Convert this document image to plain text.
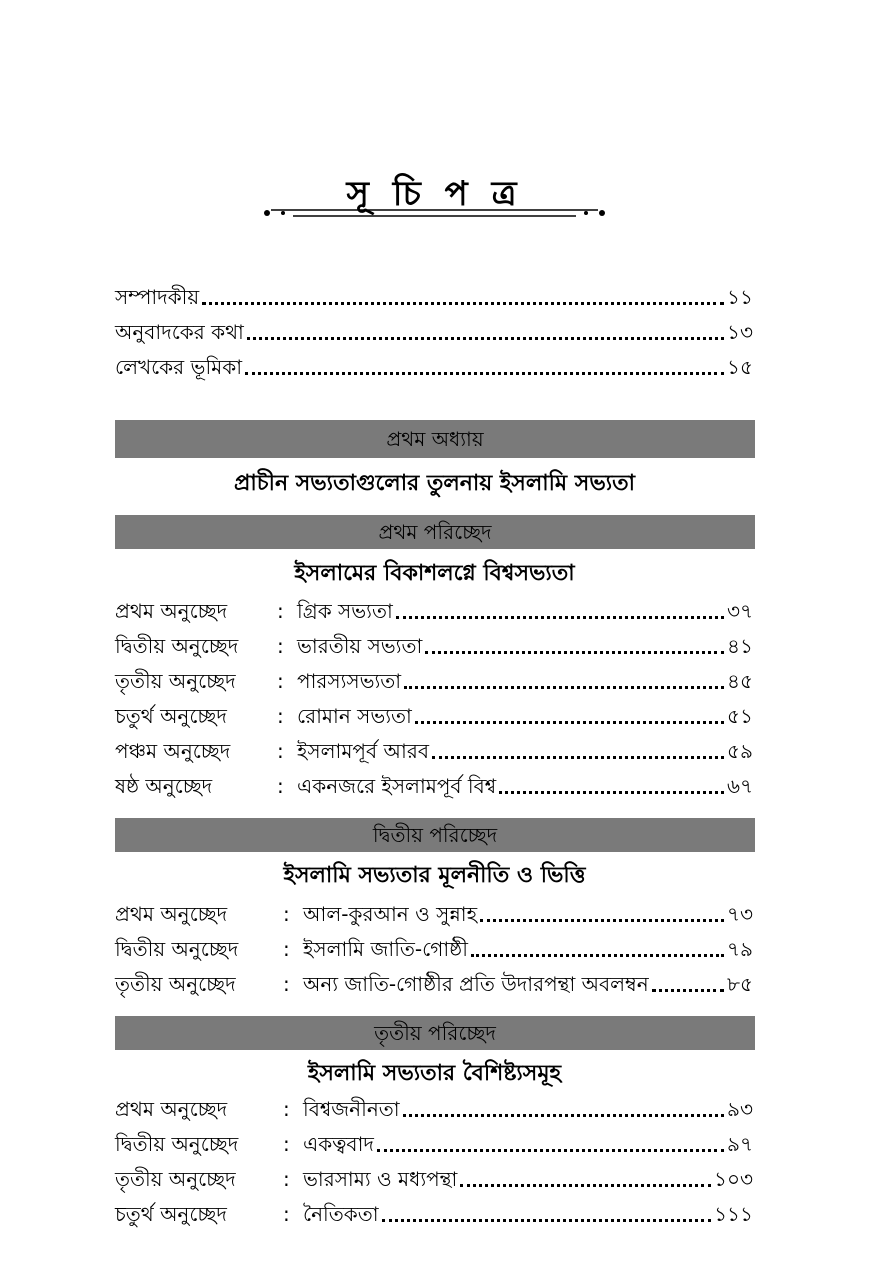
সূ চি প ত্র
সম্পাদকীয়	১১
অনুবাদকের কথা	১৩
লেখকের ভূমিকা	১৫
প্রথম অধ্যায়
প্রাচীন সভ্যতাগুলোর তুলনায় ইসলামি সভ্যতা
প্রথম পরিচ্ছেদ
ইসলামের বিকাশলগ্নে বিশ্বসভ্যতা
প্রথম অনুচ্ছেদ	: গ্রিক সভ্যতা	৩৭
দ্বিতীয় অনুচ্ছেদ	: ভারতীয় সভ্যতা	৪১
তৃতীয় অনুচ্ছেদ	: পারস্যসভ্যতা	৪৫
চতুর্থ অনুচ্ছেদ	: রোমান সভ্যতা	৫১
পঞ্চম অনুচ্ছেদ	: ইসলামপূর্ব আরব	৫৯
ষষ্ঠ অনুচ্ছেদ	: একনজরে ইসলামপূর্ব বিশ্ব	৬৭
দ্বিতীয় পরিচ্ছেদ
ইসলামি সভ্যতার মূলনীতি ও ভিত্তি
প্রথম অনুচ্ছেদ	: আল-কুরআন ও সুন্নাহ	৭৩
দ্বিতীয় অনুচ্ছেদ	: ইসলামি জাতি-গোষ্ঠী	৭৯
তৃতীয় অনুচ্ছেদ	: অন্য জাতি-গোষ্ঠীর প্রতি উদারপন্থা অবলম্বন	৮৫
তৃতীয় পরিচ্ছেদ
ইসলামি সভ্যতার বৈশিষ্ট্যসমূহ
প্রথম অনুচ্ছেদ	: বিশ্বজনীনতা	৯৩
দ্বিতীয় অনুচ্ছেদ	: একত্ববাদ	৯৭
তৃতীয় অনুচ্ছেদ	: ভারসাম্য ও মধ্যপন্থা	১০৩
চতুর্থ অনুচ্ছেদ	: নৈতিকতা	১১১
